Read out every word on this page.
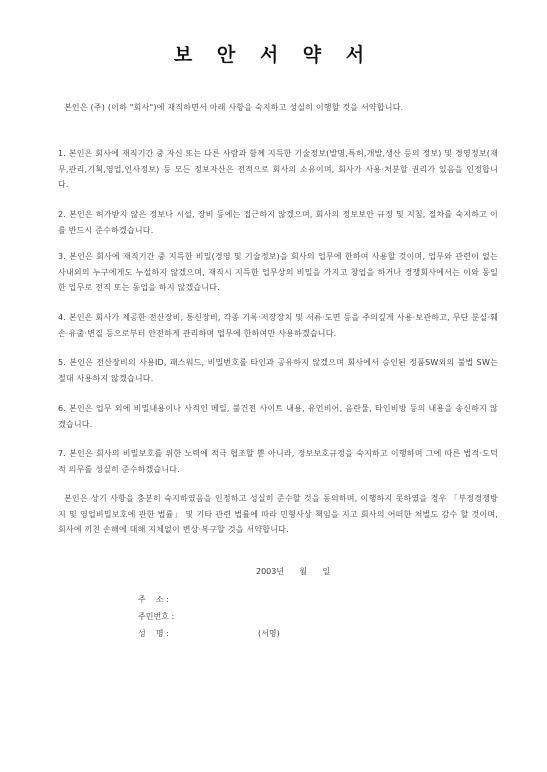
보 안 서 약 서
본인은 (주) (이하 "회사")에 재직하면서 아래 사항을 숙지하고 성실히 이행할 것을 서약합니다.
1. 본인은 회사에 재직기간 중 자신 또는 다른 사람과 함께 지득한 기술정보(발명,특허,개발,생산 등의 정보) 및 경영정보(재무,관리,기획,영업,인사정보) 등 모든 정보자산은 전적으로 회사의 소유이며, 회사가 사용·처분할 권리가 있음을 인정합니다.
2. 본인은 허가받지 않은 정보나 시설, 장비 등에는 접근하지 않겠으며, 회사의 정보보안 규정 및 지침, 절차를 숙지하고 이를 반드시 준수하겠습니다.
3. 본인은 회사에 재직기간 중 지득한 비밀(경영 및 기술정보)을 회사의 업무에 한하여 사용할 것이며, 업무와 관련이 없는 사내외의 누구에게도 누설하지 않겠으며, 재직시 지득한 업무상의 비밀을 가지고 창업을 하거나 경쟁회사에서는 이와 동일한 업무로 전직 또는 동업을 하지 않겠습니다.
4. 본인은 회사가 제공한 전산장비, 통신장비, 각종 기록·저장장치 및 서류·도면 등을 주의깊게 사용·보관하고, 무단 분실·훼손·유출·변질 등으로부터 안전하게 관리하며 업무에 한하여만 사용하겠습니다.
5. 본인은 전산장비의 사용ID, 패스워드, 비밀번호를 타인과 공유하지 않겠으며 회사에서 승인된 정품SW외의 불법 SW는 절대 사용하지 않겠습니다.
6. 본인은 업무 외에 비밀내용이나 사적인 메일, 불건전 사이트 내용, 유언비어, 음란물, 타인비방 등의 내용을 송신하지 않겠습니다.
7. 본인은 회사의 비밀보호를 위한 노력에 적극 협조할 뿐 아니라, 정보보호규정을 숙지하고 이행하며 그에 따른 법적·도덕적 의무를 성실히 준수하겠습니다.
본인은 상기 사항을 충분히 숙지하였음을 인정하고 성실히 준수할 것을 동의하며, 이행하지 못하였을 경우 「부정경쟁방지 및 영업비밀보호에 관한 법률」 및 기타 관련 법률에 따라 민형사상 책임을 지고 회사의 어떠한 처벌도 감수 할 것이며, 회사에 끼친 손해에 대해 지체없이 변상·복구할 것을 서약합니다.
2003년      월      일
주    소 :
주민번호 :
성    명 :	(서명)
